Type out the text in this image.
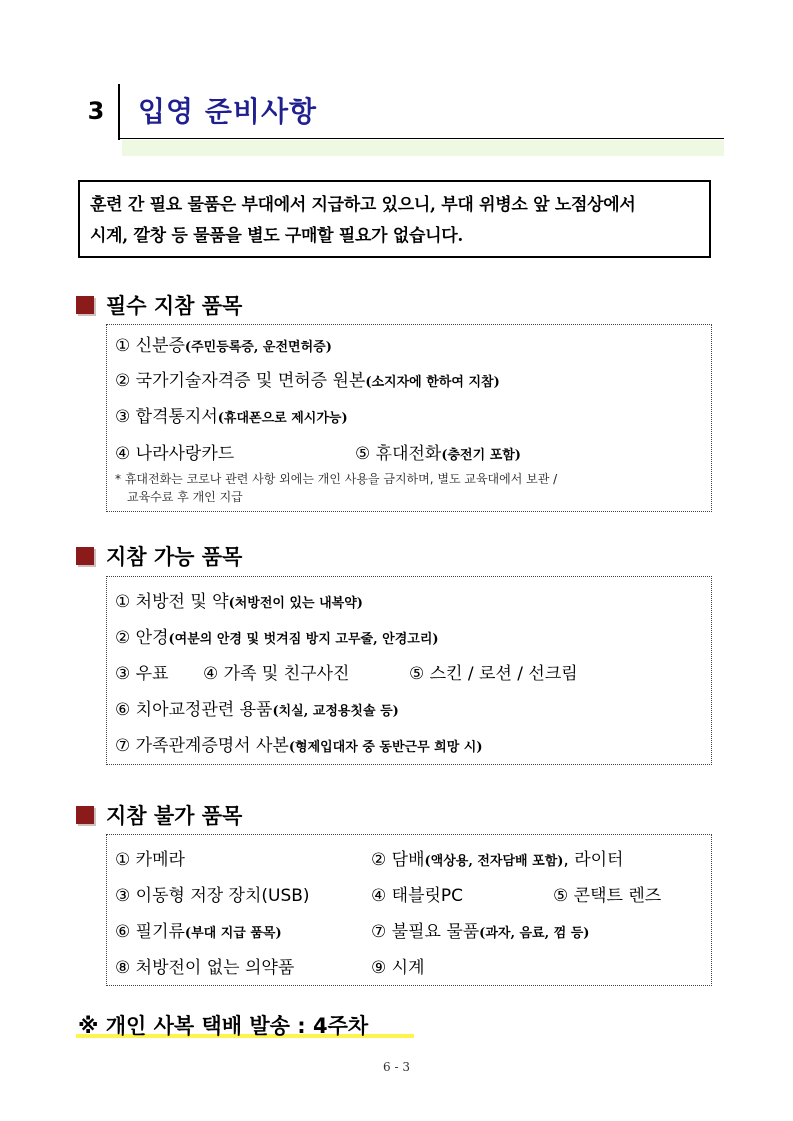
3	입영 준비사항
훈련 간 필요 물품은 부대에서 지급하고 있으니, 부대 위병소 앞 노점상에서
시계, 깔창 등 물품을 별도 구매할 필요가 없습니다.
필수 지참 품목
① 신분증(주민등록증, 운전면허증)
② 국가기술자격증 및 면허증 원본(소지자에 한하여 지참)
③ 합격통지서(휴대폰으로 제시가능)
④ 나라사랑카드	⑤ 휴대전화(충전기 포함)
* 휴대전화는 코로나 관련 사항 외에는 개인 사용을 금지하며, 별도 교육대에서 보관 /
교육수료 후 개인 지급
지참 가능 품목
① 처방전 및 약(처방전이 있는 내복약)
② 안경(여분의 안경 및 벗겨짐 방지 고무줄, 안경고리)
③ 우표 ④ 가족 및 친구사진	⑤ 스킨 / 로션 / 선크림
⑥ 치아교정관련 용품(치실, 교정용칫솔 등)
⑦ 가족관계증명서 사본(형제입대자 중 동반근무 희망 시)
지참 불가 품목
① 카메라	② 담배(액상용, 전자담배 포함), 라이터
③ 이동형 저장 장치(USB)	④ 태블릿PC	⑤ 콘택트 렌즈
⑥ 필기류(부대 지급 품목)	⑦ 불필요 물품(과자, 음료, 껌 등)
⑧ 처방전이 없는 의약품	⑨ 시계
※ 개인 사복 택배 발송 : 4주차
6 - 3
